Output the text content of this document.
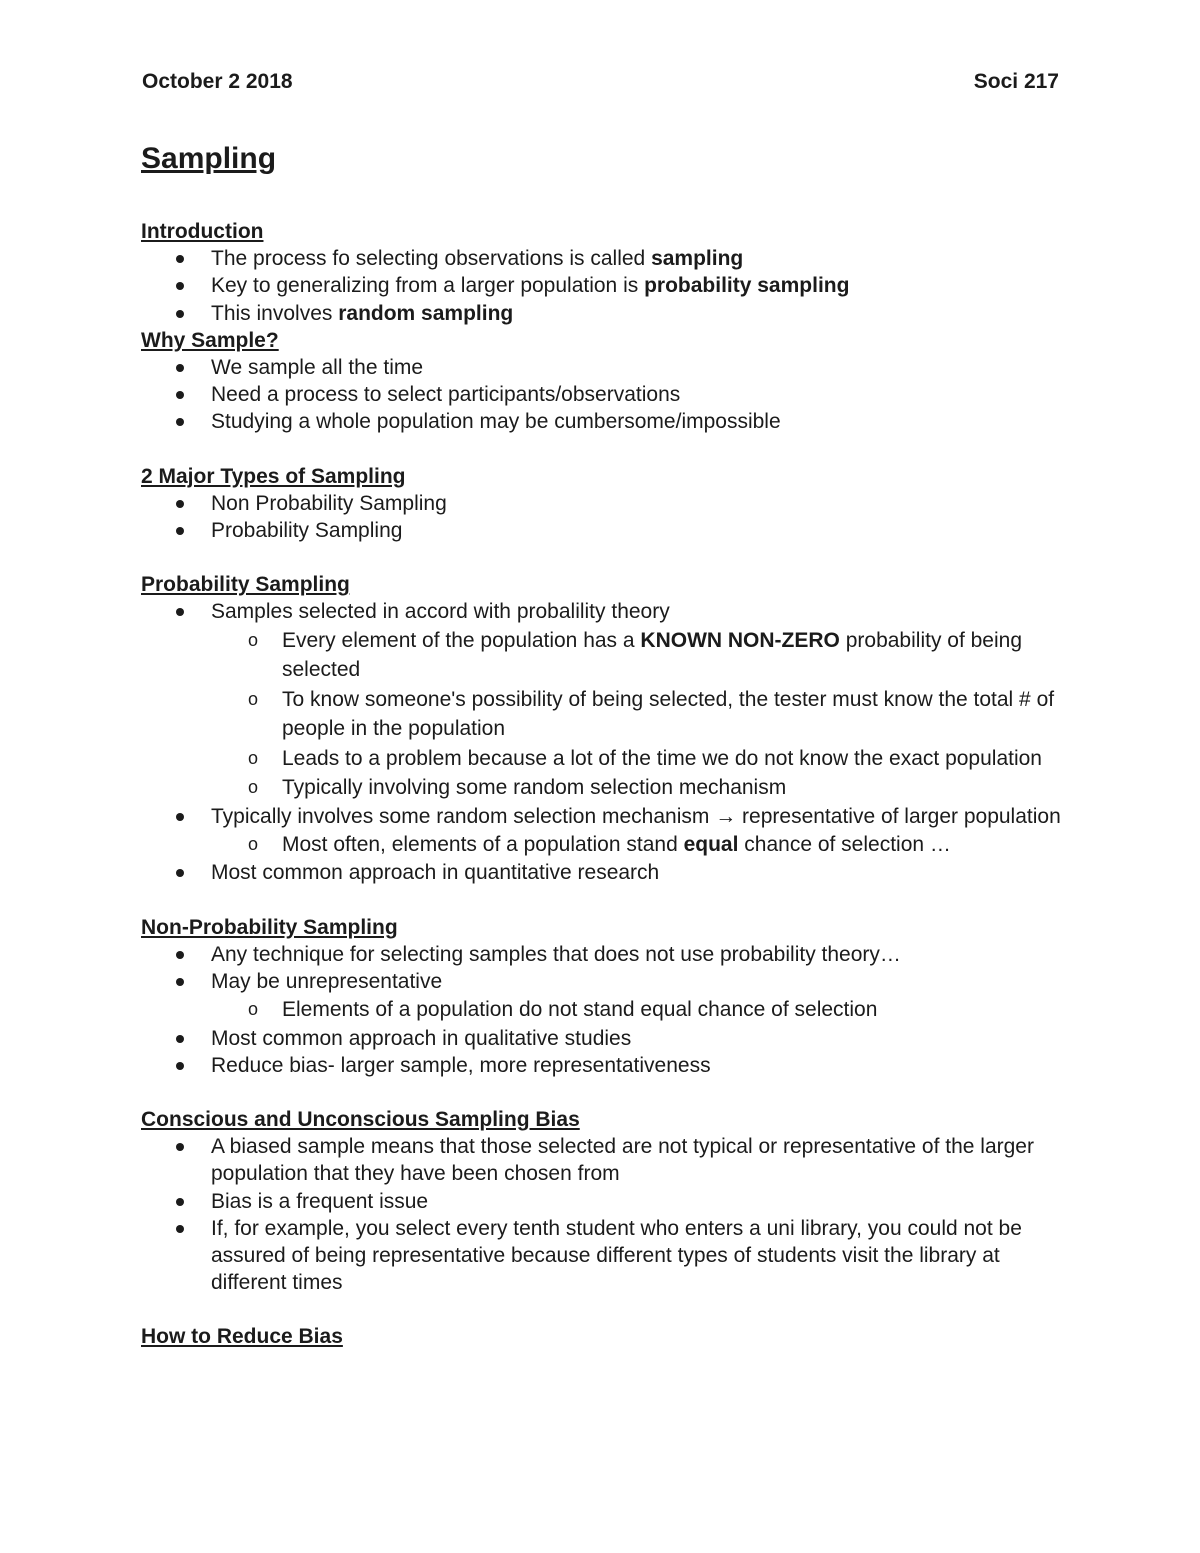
October 2 2018	Soci 217
Sampling
Introduction
The process fo selecting observations is called sampling
Key to generalizing from a larger population is probability sampling
This involves random sampling
Why Sample?
We sample all the time
Need a process to select participants/observations
Studying a whole population may be cumbersome/impossible
2 Major Types of Sampling
Non Probability Sampling
Probability Sampling
Probability Sampling
Samples selected in accord with probalility theory
o Every element of the population has a KNOWN NON-ZERO probability of being selected
o To know someone's possibility of being selected, the tester must know the total # of people in the population
o Leads to a problem because a lot of the time we do not know the exact population
o Typically involving some random selection mechanism
Typically involves some random selection mechanism → representative of larger population
o Most often, elements of a population stand equal chance of selection …
Most common approach in quantitative research
Non-Probability Sampling
Any technique for selecting samples that does not use probability theory…
May be unrepresentative
o Elements of a population do not stand equal chance of selection
Most common approach in qualitative studies
Reduce bias- larger sample, more representativeness
Conscious and Unconscious Sampling Bias
A biased sample means that those selected are not typical or representative of the larger population that they have been chosen from
Bias is a frequent issue
If, for example, you select every tenth student who enters a uni library, you could not be assured of being representative because different types of students visit the library at different times
How to Reduce Bias
